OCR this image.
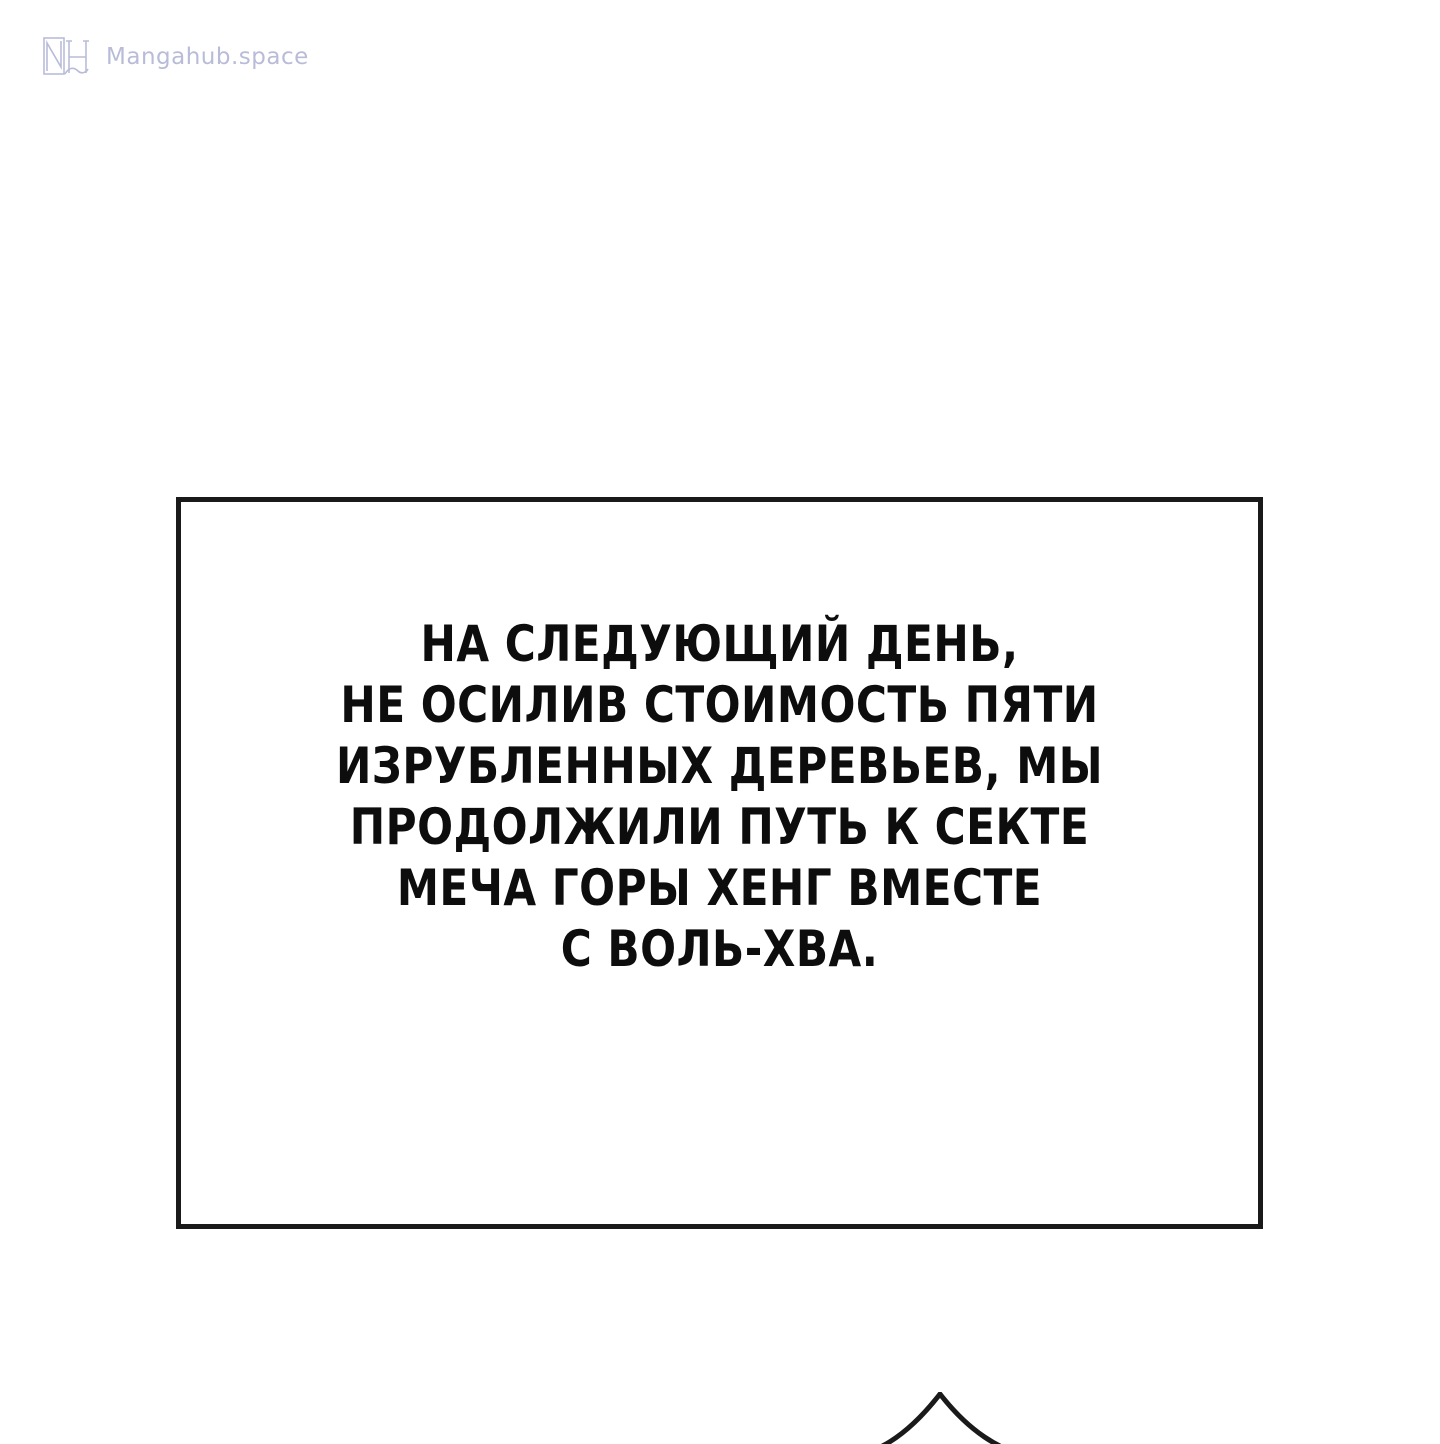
Mangahub.space
НА СЛЕДУЮЩИЙ ДЕНЬ,
НЕ ОСИЛИВ СТОИМОСТЬ ПЯТИ
ИЗРУБЛЕННЫХ ДЕРЕВЬЕВ, МЫ
ПРОДОЛЖИЛИ ПУТЬ К СЕКТЕ
МЕЧА ГОРЫ ХЕНГ ВМЕСТЕ
С ВОЛЬ-ХВА.
